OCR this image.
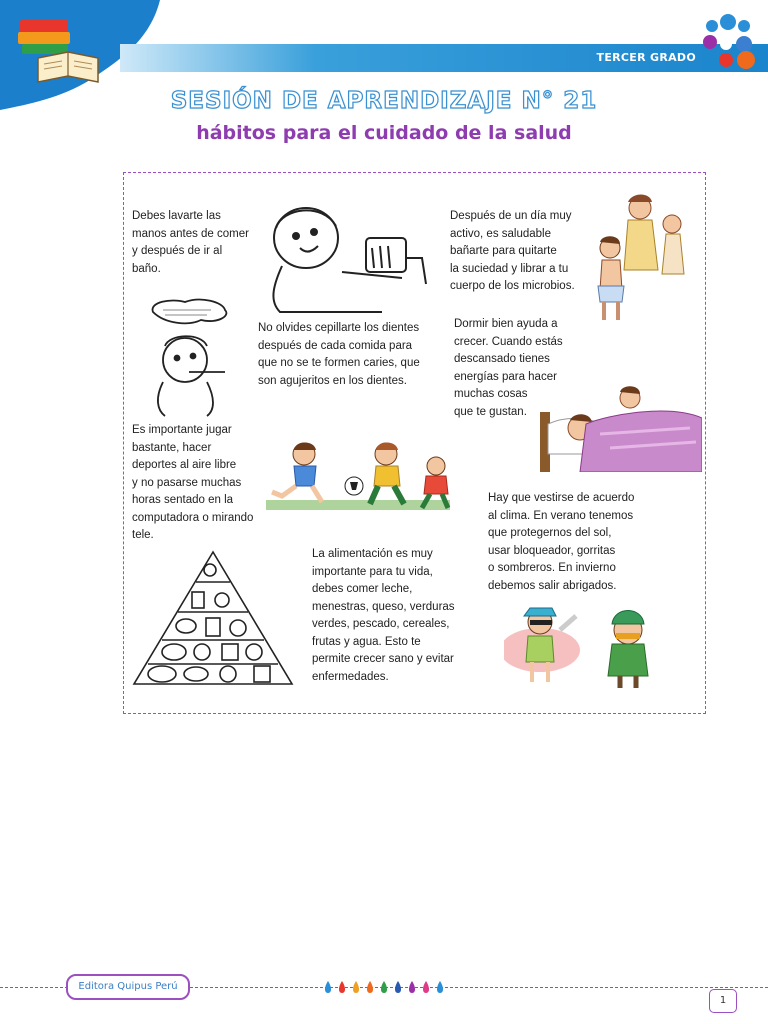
TERCER GRADO
SESIÓN DE APRENDIZAJE N° 21
hábitos para el cuidado de la salud
Debes lavarte las
manos antes de comer
y después de ir al
baño.
Después de un día muy
activo, es saludable
bañarte para quitarte
la suciedad y librar a tu
cuerpo de los microbios.
No olvides cepillarte los dientes
después de cada comida para
que no se te formen caries, que
son agujeritos en los dientes.
Dormir bien ayuda a
crecer. Cuando estás
descansado tienes
energías para hacer
muchas cosas
que te gustan.
Es importante jugar
bastante, hacer
deportes al aire libre
y no pasarse muchas
horas sentado en la
computadora o mirando
tele.
Hay que vestirse de acuerdo
al clima. En verano tenemos
que protegernos del sol,
usar bloqueador, gorritas
o sombreros. En invierno
debemos salir abrigados.
La alimentación es muy
importante para tu vida,
debes comer leche,
menestras, queso, verduras
verdes, pescado, cereales,
frutas y agua. Esto te
permite crecer sano y evitar
enfermedades.
Editora Quipus Perú
1
